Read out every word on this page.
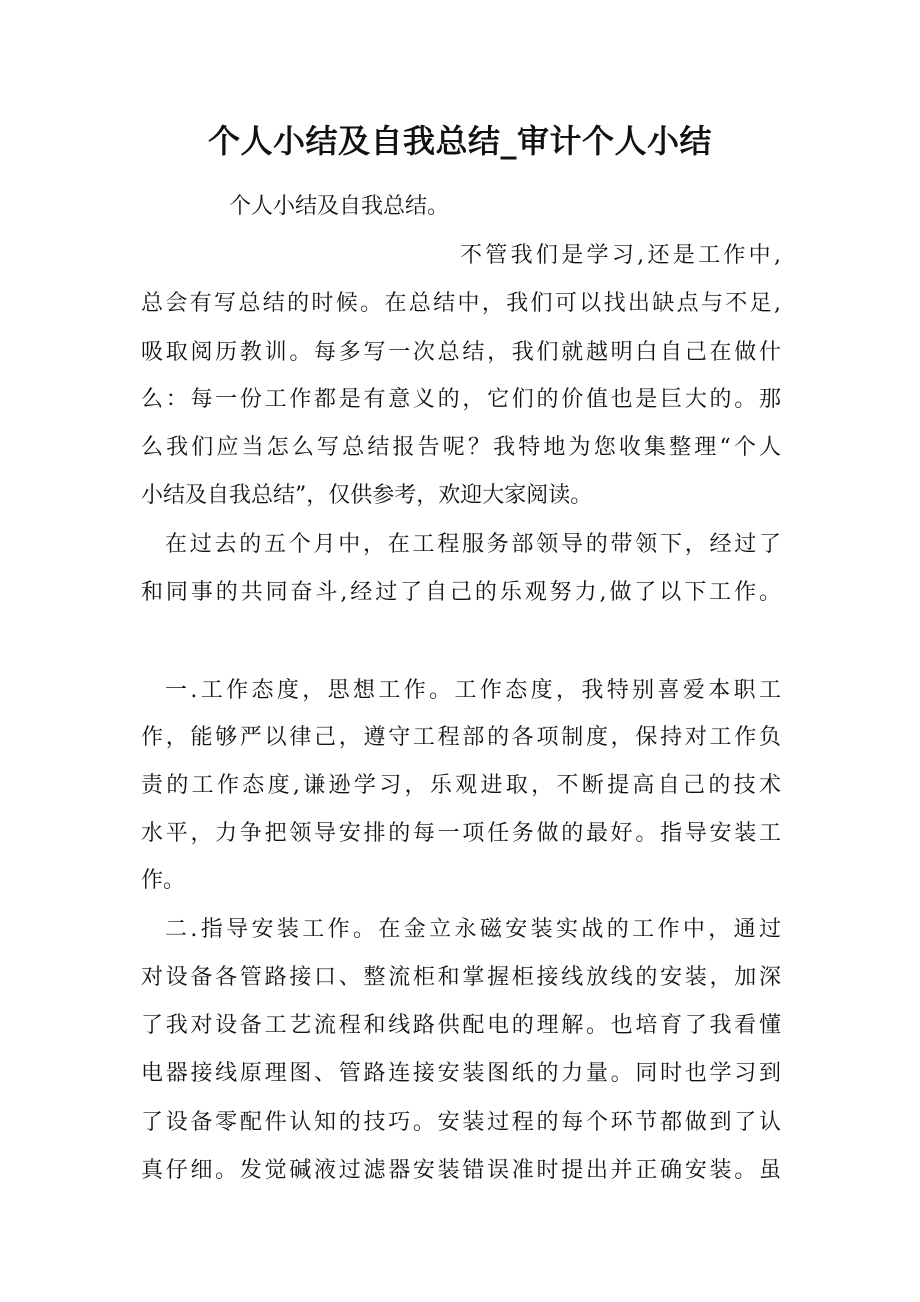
个人小结及自我总结_审计个人小结

个人小结及自我总结。

不管我们是学习,还是工作中,

总会有写总结的时候。在总结中，我们可以找出缺点与不足,

吸取阅历教训。每多写一次总结，我们就越明白自己在做什

么：每一份工作都是有意义的，它们的价值也是巨大的。那

么我们应当怎么写总结报告呢？我特地为您收集整理“个人

小结及自我总结”，仅供参考，欢迎大家阅读。

在过去的五个月中，在工程服务部领导的带领下，经过了

和同事的共同奋斗,经过了自己的乐观努力,做了以下工作。

一.工作态度，思想工作。工作态度，我特别喜爱本职工

作，能够严以律己，遵守工程部的各项制度，保持对工作负

责的工作态度,谦逊学习，乐观进取，不断提高自己的技术

水平，力争把领导安排的每一项任务做的最好。指导安装工

作。

二.指导安装工作。在金立永磁安装实战的工作中，通过

对设备各管路接口、整流柜和掌握柜接线放线的安装，加深

了我对设备工艺流程和线路供配电的理解。也培育了我看懂

电器接线原理图、管路连接安装图纸的力量。同时也学习到

了设备零配件认知的技巧。安装过程的每个环节都做到了认

真仔细。发觉碱液过滤器安装错误准时提出并正确安装。虽
